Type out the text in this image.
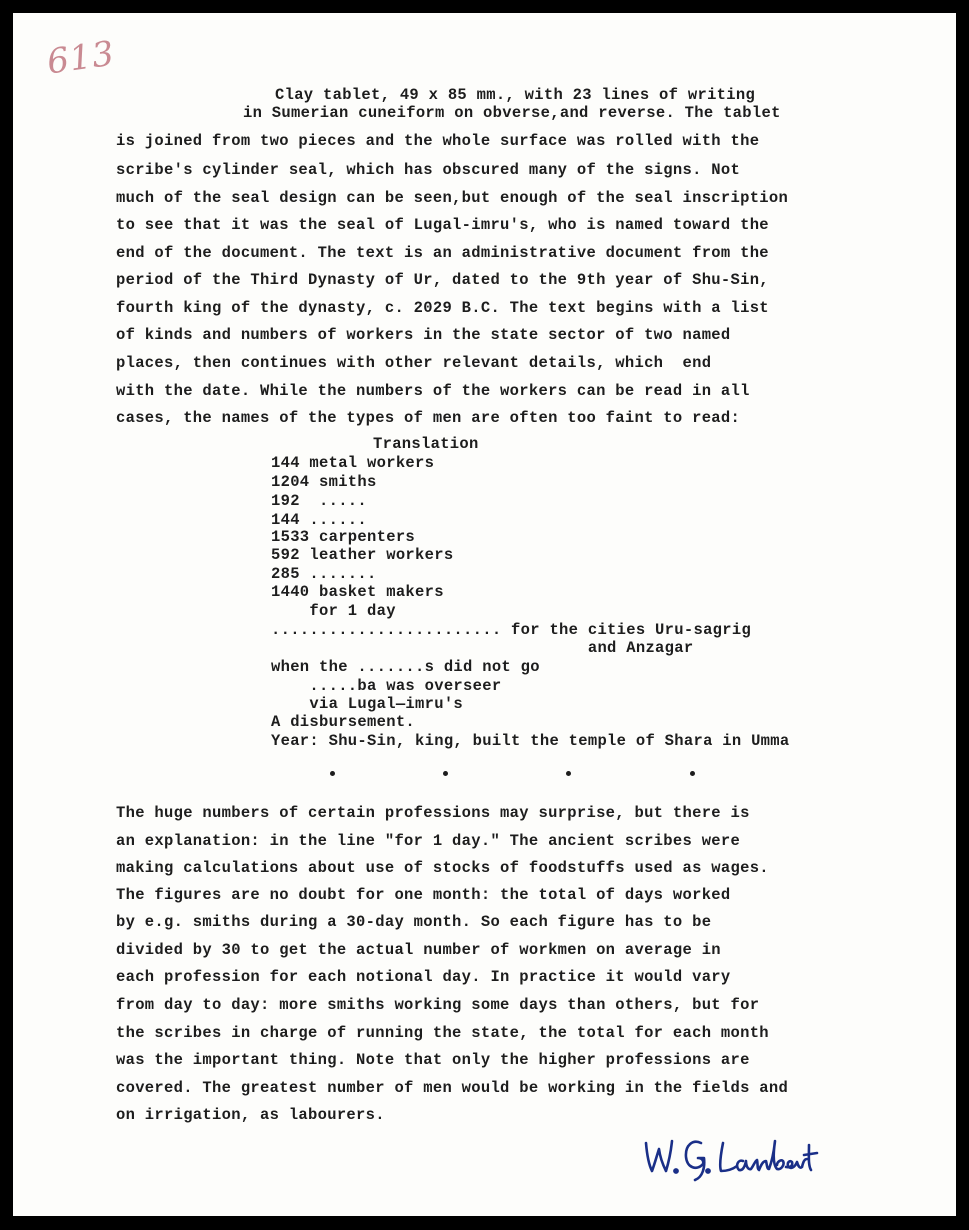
613
Clay tablet, 49 x 85 mm., with 23 lines of writing
in Sumerian cuneiform on obverse,and reverse. The tablet
is joined from two pieces and the whole surface was rolled with the
scribe's cylinder seal, which has obscured many of the signs. Not
much of the seal design can be seen,but enough of the seal inscription
to see that it was the seal of Lugal-imru's, who is named toward the
end of the document. The text is an administrative document from the
period of the Third Dynasty of Ur, dated to the 9th year of Shu-Sin,
fourth king of the dynasty, c. 2029 B.C. The text begins with a list
of kinds and numbers of workers in the state sector of two named
places, then continues with other relevant details, which  end
with the date. While the numbers of the workers can be read in all
cases, the names of the types of men are often too faint to read:
Translation
144 metal workers
1204 smiths
192  .....
144 ......
1533 carpenters
592 leather workers
285 .......
1440 basket makers
for 1 day
........................ for the cities Uru-sagrig
and Anzagar
when the .......s did not go
.....ba was overseer
via Lugal—imru's
A disbursement.
Year: Shu-Sin, king, built the temple of Shara in Umma
The huge numbers of certain professions may surprise, but there is
an explanation: in the line "for 1 day." The ancient scribes were
making calculations about use of stocks of foodstuffs used as wages.
The figures are no doubt for one month: the total of days worked
by e.g. smiths during a 30-day month. So each figure has to be
divided by 30 to get the actual number of workmen on average in
each profession for each notional day. In practice it would vary
from day to day: more smiths working some days than others, but for
the scribes in charge of running the state, the total for each month
was the important thing. Note that only the higher professions are
covered. The greatest number of men would be working in the fields and
on irrigation, as labourers.
